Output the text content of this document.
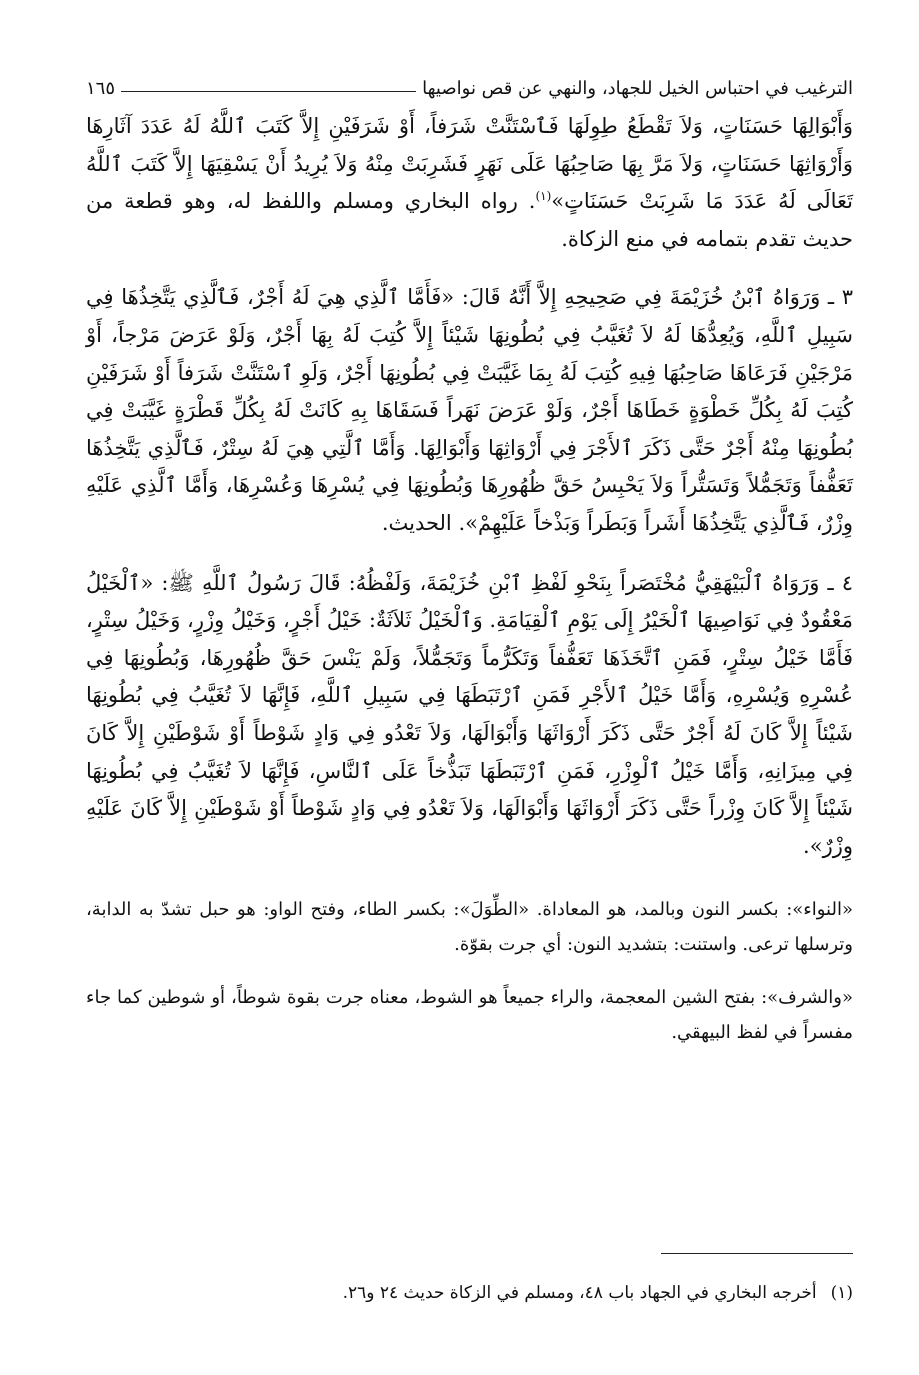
الترغيب في احتباس الخيل للجهاد، والنهي عن قص نواصيها
١٦٥

وَأَبْوَالِهَا حَسَنَاتٍ، وَلاَ تَقْطَعُ طِوِلَهَا فَٱسْتَنَّتْ شَرَفاً، أَوْ شَرَفَيْنِ إِلاَّ كَتَبَ ٱللَّهُ لَهُ عَدَدَ آثَارِهَا وَأَرْوَاثِهَا حَسَنَاتٍ، وَلاَ مَرَّ بِهَا صَاحِبُهَا عَلَى نَهَرٍ فَشَرِبَتْ مِنْهُ وَلاَ يُرِيدُ أَنْ يَسْقِيَهَا إِلاَّ كَتَبَ ٱللَّهُ تَعَالَى لَهُ عَدَدَ مَا شَرِبَتْ حَسَنَاتٍ»$^{(١)}$. رواه البخاري ومسلم واللفظ له، وهو قطعة من حديث تقدم بتمامه في منع الزكاة.

٣ ـ وَرَوَاهُ ٱبْنُ خُزَيْمَةَ فِي صَحِيحِهِ إِلاَّ أَنَّهُ قَالَ: «فَأَمَّا ٱلَّذِي هِيَ لَهُ أَجْرٌ، فَٱلَّذِي يَتَّخِذُهَا فِي سَبِيلِ ٱللَّهِ، وَيُعِدُّهَا لَهُ لاَ تُغَيَّبُ فِي بُطُونِهَا شَيْئاً إِلاَّ كُتِبَ لَهُ بِهَا أَجْرٌ، وَلَوْ عَرَضَ مَرْجاً، أَوْ مَرْجَيْنِ فَرَعَاهَا صَاحِبُهَا فِيهِ كُتِبَ لَهُ بِمَا غَيَّبَتْ فِي بُطُونِهَا أَجْرٌ، وَلَوِ ٱسْتَنَّتْ شَرَفاً أَوْ شَرَفَيْنِ كُتِبَ لَهُ بِكُلِّ خَطْوَةٍ خَطَاهَا أَجْرٌ، وَلَوْ عَرَضَ نَهَراً فَسَقَاهَا بِهِ كَانَتْ لَهُ بِكُلِّ قَطْرَةٍ غَيَّبَتْ فِي بُطُونِهَا مِنْهُ أَجْرٌ حَتَّى ذَكَرَ ٱلأَجْرَ فِي أَرْوَاثِهَا وَأَبْوَالِهَا. وَأَمَّا ٱلَّتِي هِيَ لَهُ سِتْرٌ، فَٱلَّذِي يَتَّخِذُهَا تَعَفُّفاً وَتَجَمُّلاً وَتَسَتُّراً وَلاَ يَحْبِسُ حَقَّ ظُهُورِهَا وَبُطُونِهَا فِي يُسْرِهَا وَعُسْرِهَا، وَأَمَّا ٱلَّذِي عَلَيْهِ وِزْرٌ، فَٱلَّذِي يَتَّخِذُهَا أَشَراً وَبَطَراً وَبَذْخاً عَلَيْهِمْ». الحديث.

٤ ـ وَرَوَاهُ ٱلْبَيْهَقِيُّ مُخْتَصَراً بِنَحْوِ لَفْظِ ٱبْنِ خُزَيْمَةَ، وَلَفْظُهُ: قَالَ رَسُولُ ٱللَّهِ ﷺ: «ٱلْخَيْلُ مَعْقُودٌ فِي نَوَاصِيهَا ٱلْخَيْرُ إِلَى يَوْمِ ٱلْقِيَامَةِ. وَٱلْخَيْلُ ثَلاَثَةٌ: خَيْلُ أَجْرٍ، وَخَيْلُ وِزْرٍ، وَخَيْلُ سِتْرٍ، فَأَمَّا خَيْلُ سِتْرٍ، فَمَنِ ٱتَّخَذَهَا تَعَفُّفاً وَتَكَرُّماً وَتَجَمُّلاً، وَلَمْ يَنْسَ حَقَّ ظُهُورِهَا، وَبُطُونِهَا فِي عُسْرِهِ وَيُسْرِهِ، وَأَمَّا خَيْلُ ٱلأَجْرِ فَمَنِ ٱرْتَبَطَهَا فِي سَبِيلِ ٱللَّهِ، فَإِنَّهَا لاَ تُغَيَّبُ فِي بُطُونِهَا شَيْئاً إِلاَّ كَانَ لَهُ أَجْرٌ حَتَّى ذَكَرَ أَرْوَاثَهَا وَأَبْوَالَهَا، وَلاَ تَعْدُو فِي وَادٍ شَوْطاً أَوْ شَوْطَيْنِ إِلاَّ كَانَ فِي مِيزَانِهِ، وَأَمَّا خَيْلُ ٱلْوِزْرِ، فَمَنِ ٱرْتَبَطَهَا تَبَذُّخاً عَلَى ٱلنَّاسِ، فَإِنَّهَا لاَ تُغَيَّبُ فِي بُطُونِهَا شَيْئاً إِلاَّ كَانَ وِزْراً حَتَّى ذَكَرَ أَرْوَاثَهَا وَأَبْوَالَهَا، وَلاَ تَعْدُو فِي وَادٍ شَوْطاً أَوْ شَوْطَيْنِ إِلاَّ كَانَ عَلَيْهِ وِزْرٌ».

«النواء»: بكسر النون وبالمد، هو المعاداة. «الطِّوَلَ»: بكسر الطاء، وفتح الواو: هو حبل تشدّ به الدابة، وترسلها ترعى. واستنت: بتشديد النون: أي جرت بقوّة.

«والشرف»: بفتح الشين المعجمة، والراء جميعاً هو الشوط، معناه جرت بقوة شوطاً، أو شوطين كما جاء مفسراً في لفظ البيهقي.

(١)أخرجه البخاري في الجهاد باب ٤٨، ومسلم في الزكاة حديث ٢٤ و٢٦.
